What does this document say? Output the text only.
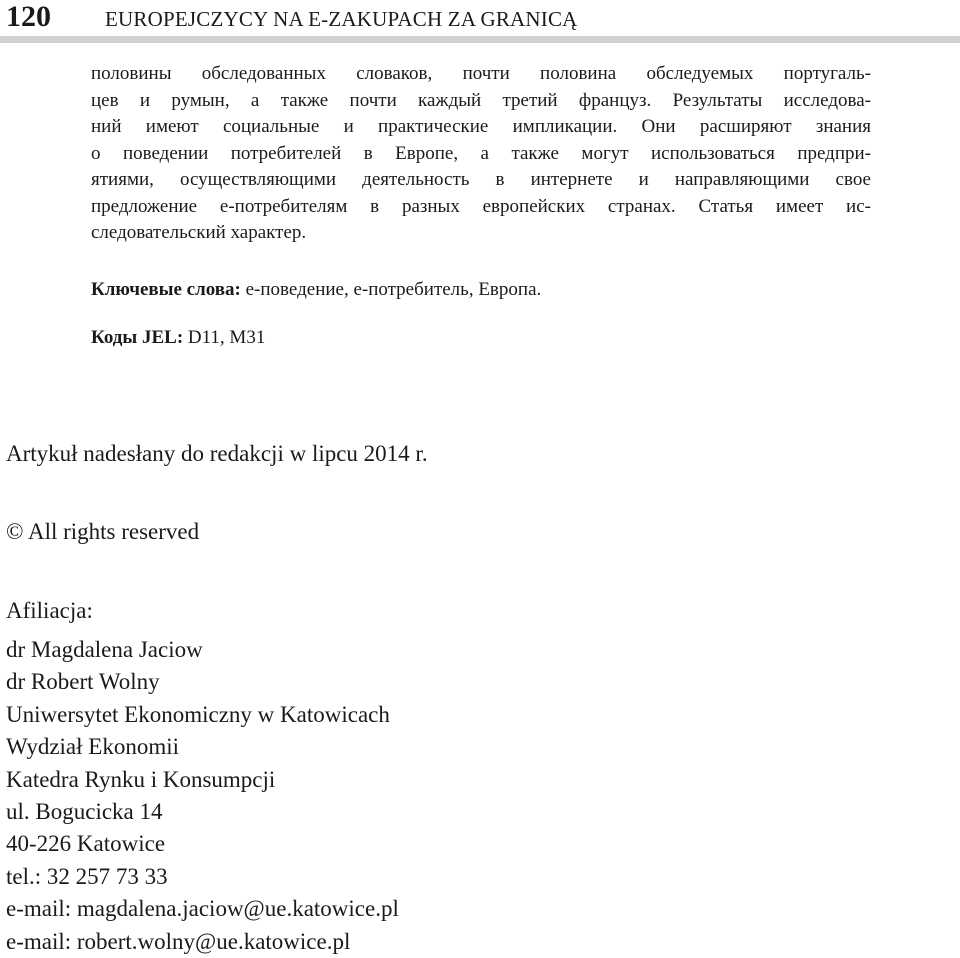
120	EUROPEJCZYCY NA E-ZAKUPACH ZA GRANICĄ
половины обследованных словаков, почти половина обследуемых португаль-
цев и румын, а также почти каждый третий француз. Результаты исследова-
ний имеют социальные и практические импликации. Они расширяют знания
о поведении потребителей в Европе, а также могут использоваться предпри-
ятиями, осуществляющими деятельность в интернете и направляющими свое
предложение е-потребителям в разных европейских странах. Статья имеет ис-
следовательский характер.
Ключевые слова: е-поведение, е-потребитель, Европа.
Коды JEL: D11, M31
Artykuł nadesłany do redakcji w lipcu 2014 r.
© All rights reserved
Afiliacja:
dr Magdalena Jaciow
dr Robert Wolny
Uniwersytet Ekonomiczny w Katowicach
Wydział Ekonomii
Katedra Rynku i Konsumpcji
ul. Bogucicka 14
40-226 Katowice
tel.: 32 257 73 33
e-mail: magdalena.jaciow@ue.katowice.pl
e-mail: robert.wolny@ue.katowice.pl
